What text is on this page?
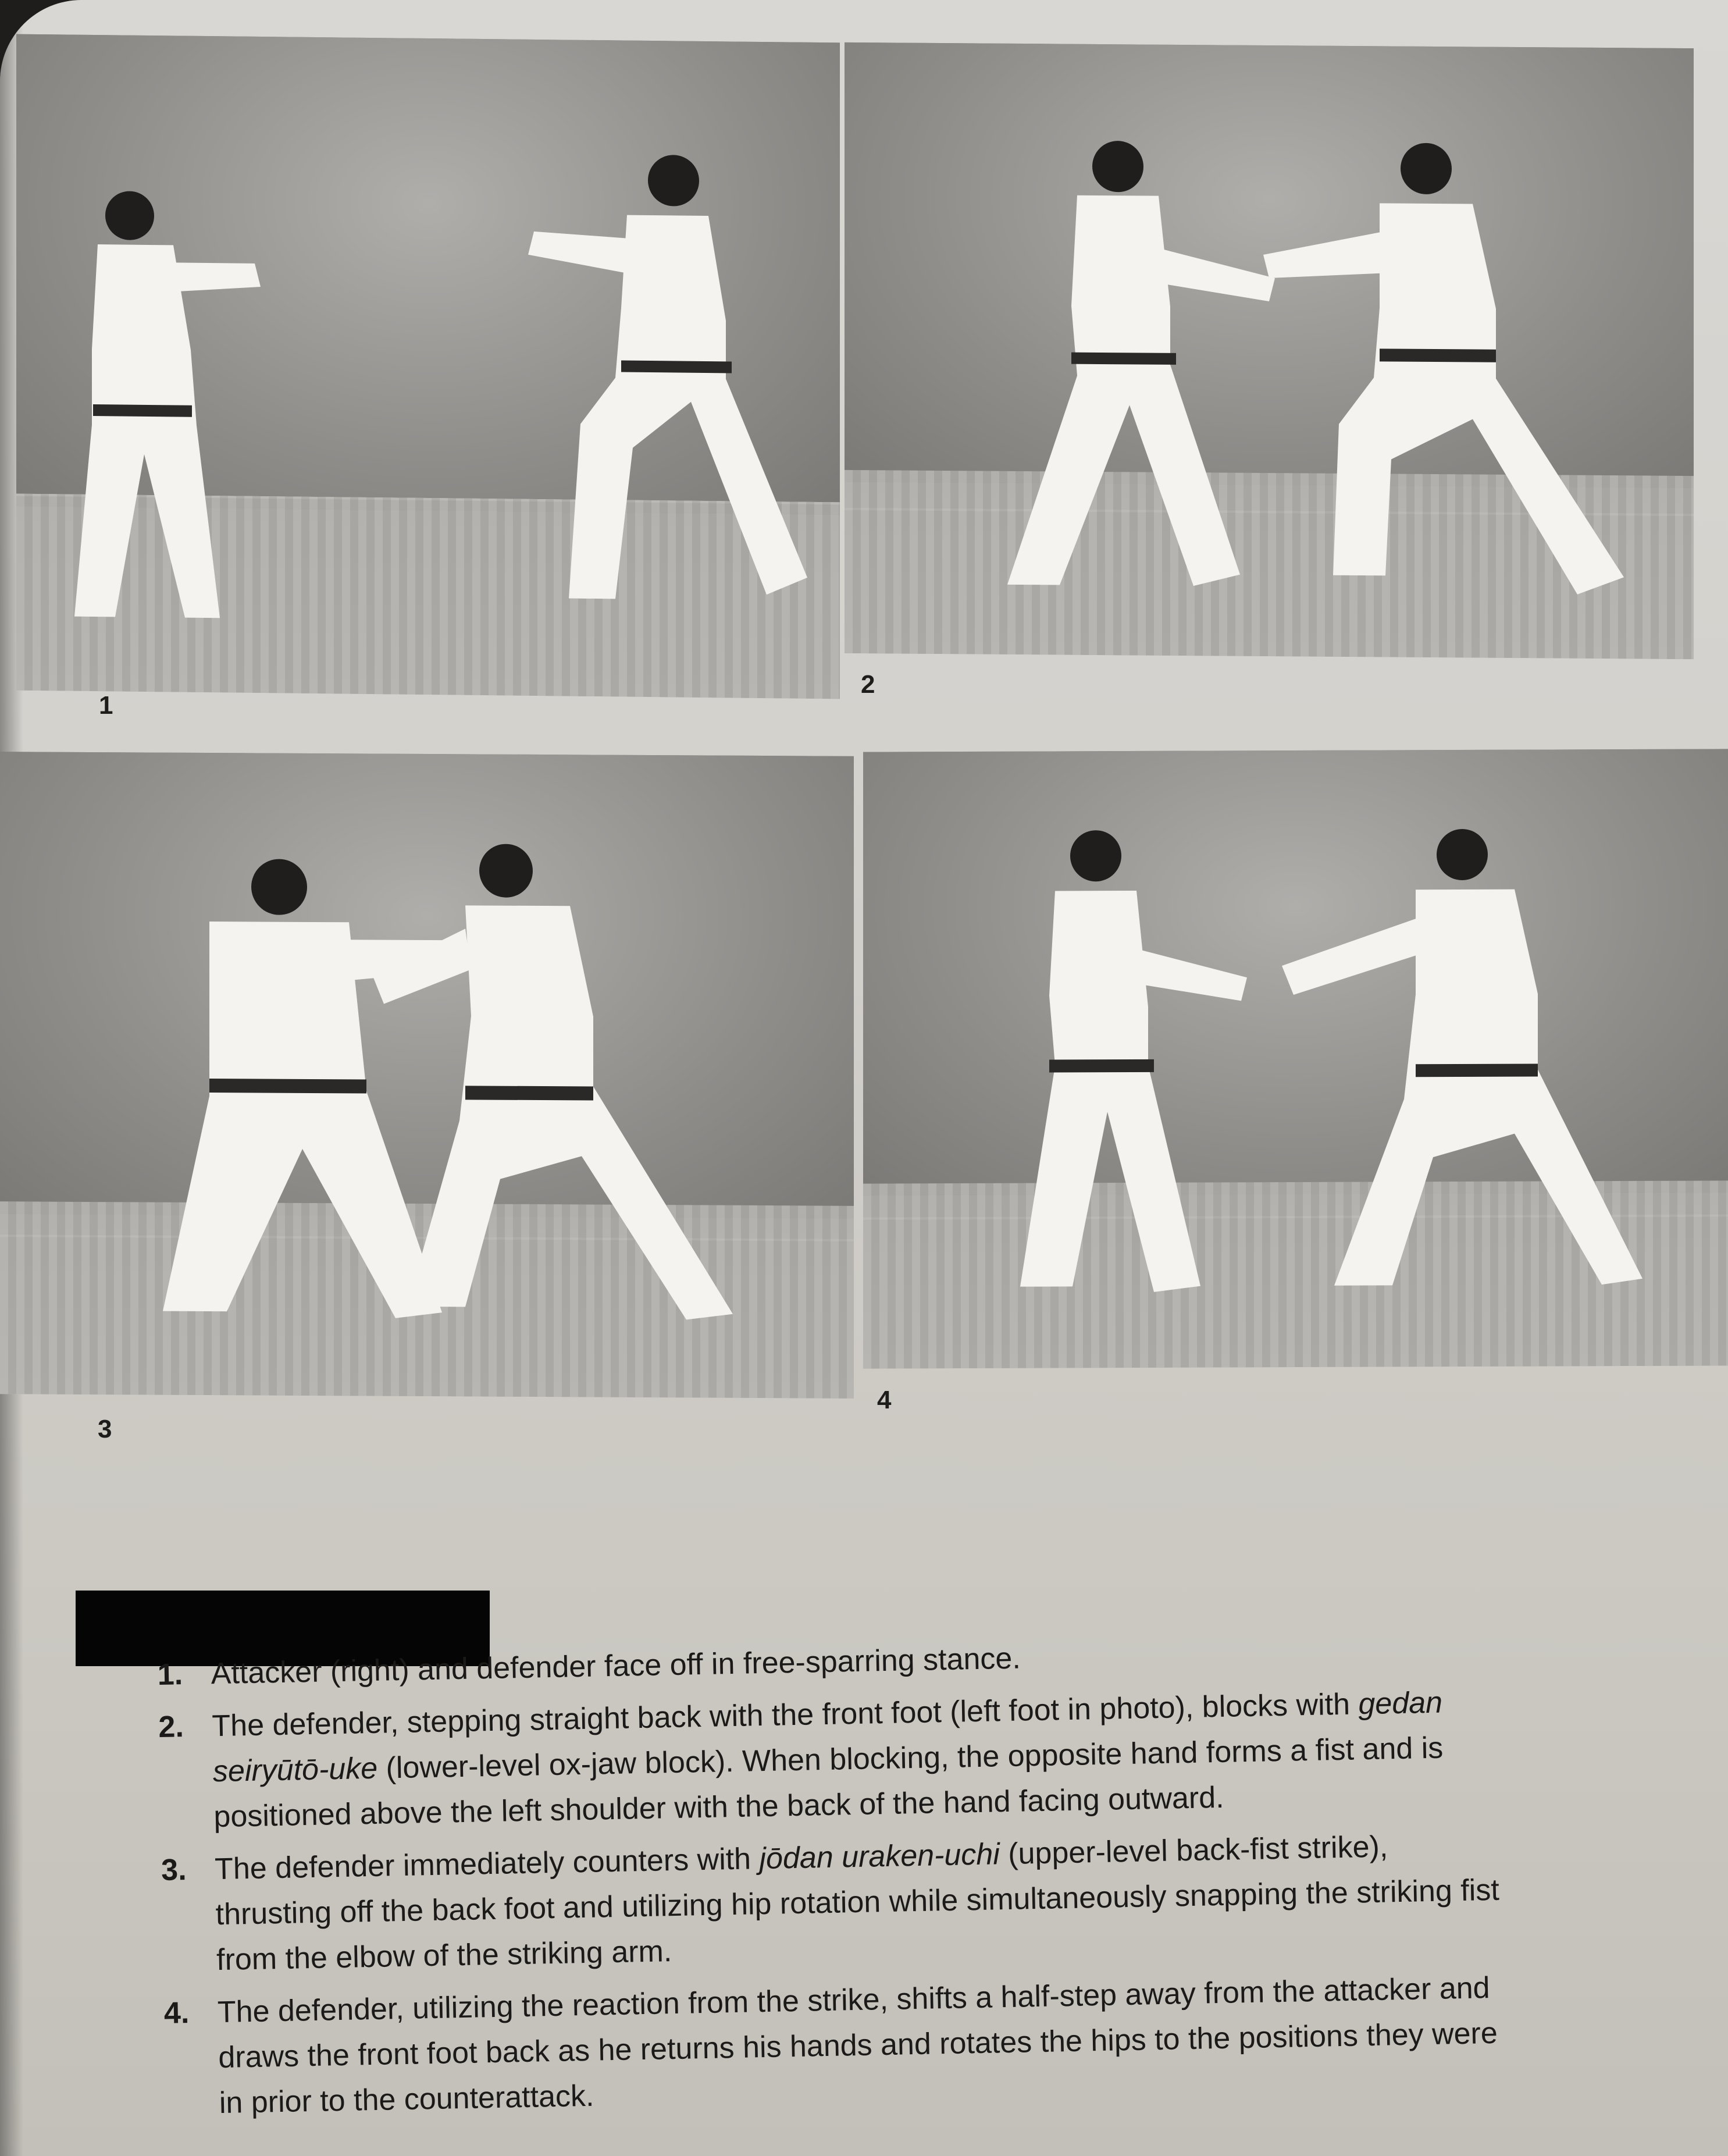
1
2
3
4
1. Attacker (right) and defender face off in free-sparring stance.
2. The defender, stepping straight back with the front foot (left foot in photo), blocks with gedan seiryūtō-uke (lower-level ox-jaw block). When blocking, the opposite hand forms a fist and is positioned above the left shoulder with the back of the hand facing outward.
3. The defender immediately counters with jōdan uraken-uchi (upper-level back-fist strike), thrusting off the back foot and utilizing hip rotation while simultaneously snapping the striking fist from the elbow of the striking arm.
4. The defender, utilizing the reaction from the strike, shifts a half-step away from the attacker and draws the front foot back as he returns his hands and rotates the hips to the positions they were in prior to the counterattack.
